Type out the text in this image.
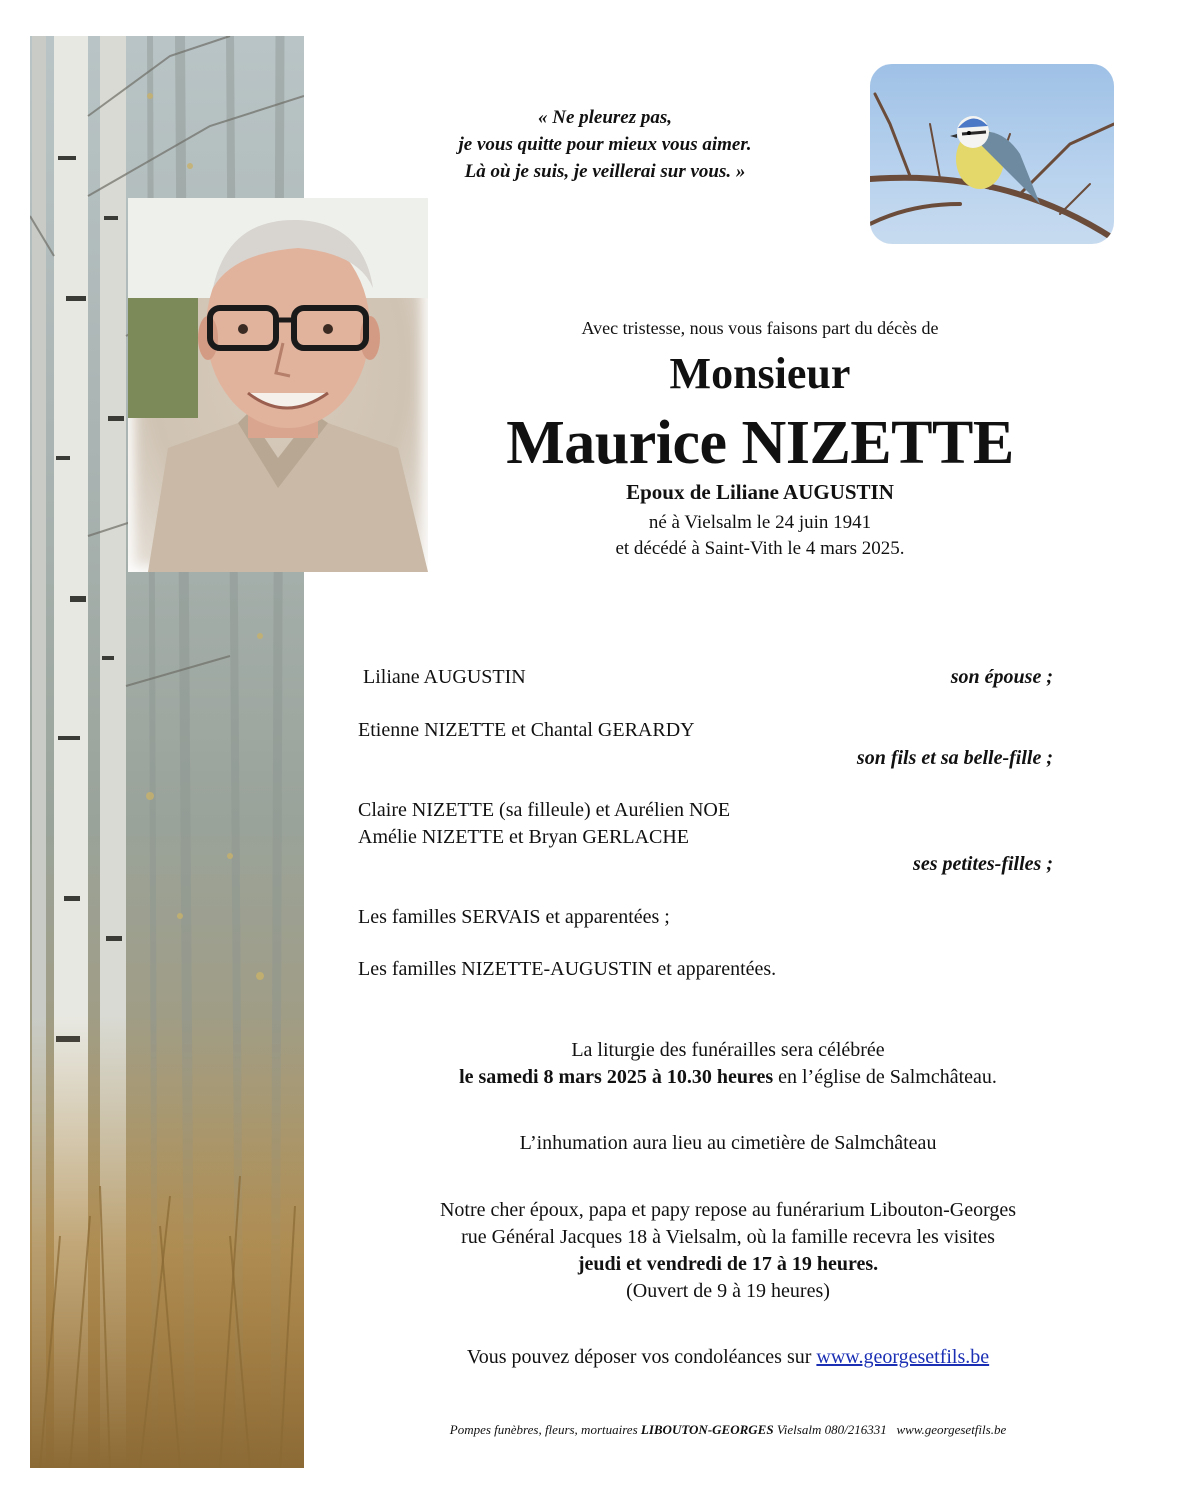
« Ne pleurez pas,
je vous quitte pour mieux vous aimer.
Là où je suis, je veillerai sur vous. »
Avec tristesse, nous vous faisons part du décès de
Monsieur
Maurice NIZETTE
Epoux de Liliane AUGUSTIN
né à Vielsalm le 24 juin 1941
et décédé à Saint-Vith le 4 mars 2025.
Liliane AUGUSTIN	son épouse ;
Etienne NIZETTE et Chantal GERARDY
son fils et sa belle-fille ;
Claire NIZETTE (sa filleule) et Aurélien NOE
Amélie NIZETTE et Bryan GERLACHE
ses petites-filles ;
Les familles SERVAIS et apparentées ;
Les familles NIZETTE-AUGUSTIN et apparentées.
La liturgie des funérailles sera célébrée
le samedi 8 mars 2025 à 10.30 heures en l’église de Salmchâteau.
L’inhumation aura lieu au cimetière de Salmchâteau
Notre cher époux, papa et papy repose au funérarium Libouton-Georges
rue Général Jacques 18 à Vielsalm, où la famille recevra les visites
jeudi et vendredi de 17 à 19 heures.
(Ouvert de 9 à 19 heures)
Vous pouvez déposer vos condoléances sur www.georgesetfils.be
Pompes funèbres, fleurs, mortuaires LIBOUTON-GEORGES Vielsalm 080/216331   www.georgesetfils.be
